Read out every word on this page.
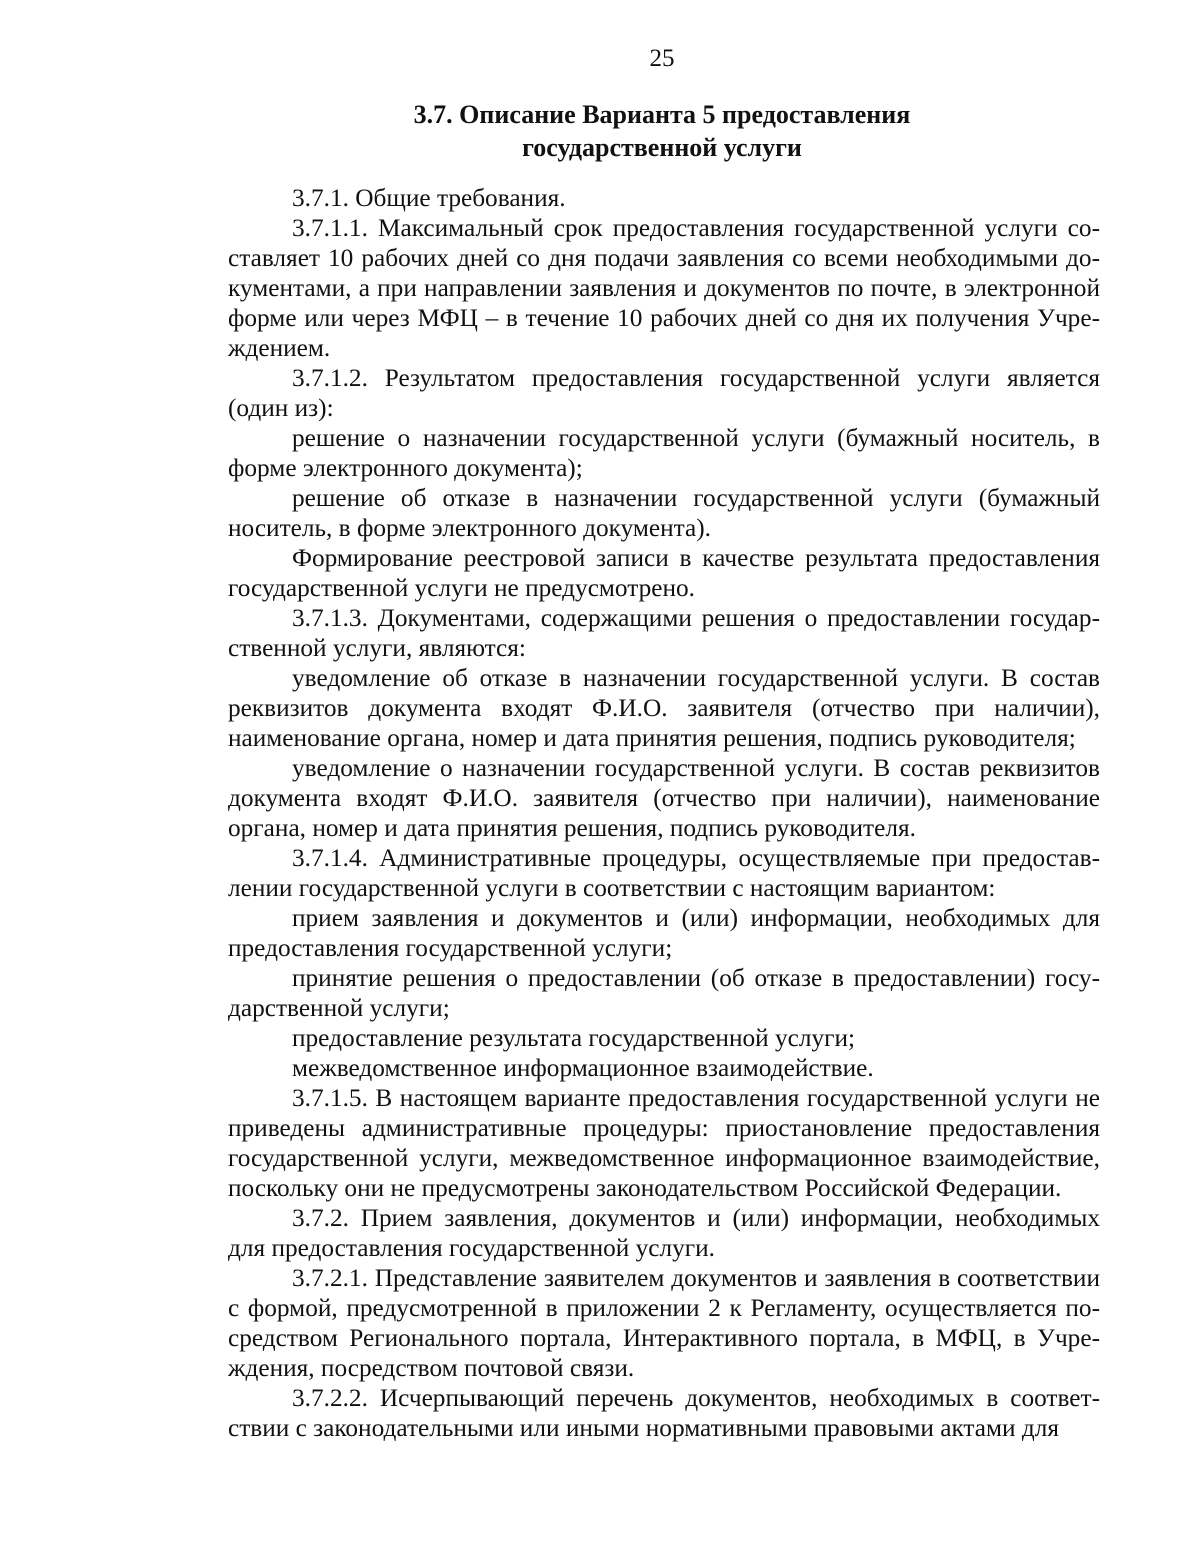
25
3.7. Описание Варианта 5 предоставления
государственной услуги

3.7.1. Общие требования.

3.7.1.1. Максимальный срок предоставления государственной услуги составляет 10 рабочих дней со дня подачи заявления со всеми необходимыми документами, а при направлении заявления и документов по почте, в электронной форме или через МФЦ – в течение 10 рабочих дней со дня их получения Учреждением.

3.7.1.2. Результатом предоставления государственной услуги является (один из):

решение о назначении государственной услуги (бумажный носитель, в форме электронного документа);

решение об отказе в назначении государственной услуги (бумажный носитель, в форме электронного документа).

Формирование реестровой записи в качестве результата предоставления государственной услуги не предусмотрено.

3.7.1.3. Документами, содержащими решения о предоставлении государственной услуги, являются:

уведомление об отказе в назначении государственной услуги. В состав реквизитов документа входят Ф.И.О. заявителя (отчество при наличии), наименование органа, номер и дата принятия решения, подпись руководителя;

уведомление о назначении государственной услуги. В состав реквизитов документа входят Ф.И.О. заявителя (отчество при наличии), наименование органа, номер и дата принятия решения, подпись руководителя.

3.7.1.4. Административные процедуры, осуществляемые при предоставлении государственной услуги в соответствии с настоящим вариантом:

прием заявления и документов и (или) информации, необходимых для предоставления государственной услуги;

принятие решения о предоставлении (об отказе в предоставлении) государственной услуги;

предоставление результата государственной услуги;

межведомственное информационное взаимодействие.

3.7.1.5. В настоящем варианте предоставления государственной услуги не приведены административные процедуры: приостановление предоставления государственной услуги, межведомственное информационное взаимодействие, поскольку они не предусмотрены законодательством Российской Федерации.

3.7.2. Прием заявления, документов и (или) информации, необходимых для предоставления государственной услуги.

3.7.2.1. Представление заявителем документов и заявления в соответствии с формой, предусмотренной в приложении 2 к Регламенту, осуществляется посредством Регионального портала, Интерактивного портала, в МФЦ, в Учреждения, посредством почтовой связи.

3.7.2.2. Исчерпывающий перечень документов, необходимых в соответствии с законодательными или иными нормативными правовыми актами для
